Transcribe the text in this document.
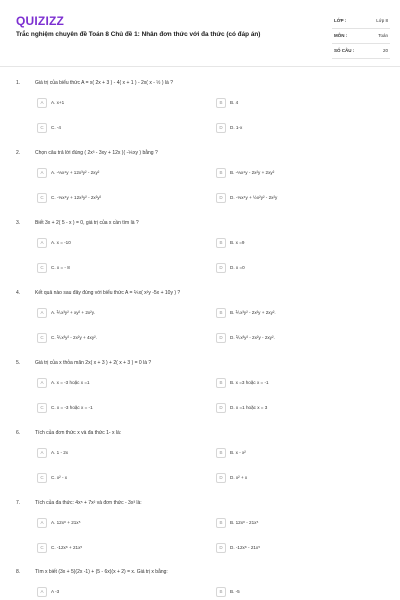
QUIZIZZ
Trắc nghiệm chuyên đề Toán 8 Chủ đề 1: Nhân đơn thức với đa thức (có đáp án)
LỚP :	Lớp 8
MÔN :	Toán
SỐ CÂU :	20
1.	Giá trị của biểu thức A = x( 2x + 3 ) - 4( x + 1 ) - 2x( x - ½ ) là ?
A	A. x+1	B	B. 4
C	C. -4	D	D. 1-x
2.	Chọn câu trả lời đúng ( 2x³ - 3xy + 12x )( -⅙xy ) bằng ?
A	A. -⅓x⁴y + 12x³y² - 2xy²	B	B. -⅓x⁴y - 2x²y + 2xy²
C	C. -⅓x⁴y + 12x³y² - 2x²y²	D	D. -⅓x⁴y + ½x²y² - 2x²y
3.	Biết 3x + 2( 5 - x ) = 0, giá trị của x cần tìm là ?
A	A. x = -10	B	B. x =9
C	C. x = - 8	D	D. x =0
4.	Kết quả nào sau đây đúng với biểu thức A = ⅖x( x²y -5x + 10y ) ?
A	A. ⅖x³y² + xy² + 2x²y.	B	B. ⅖x³y² - 2x²y + 2xy².
C	C. ⅖x³y² - 2x²y + 4xy².	D	D. ⅖x³y² - 2x²y - 2xy².
5.	Giá trị của x thỏa mãn 2x( x + 3 ) + 2( x + 3 ) = 0 là ?
A	A. x = -3 hoặc x =1	B	B. x =3 hoặc x = -1
C	C. x = -3 hoặc x = -1	D	D. x =1 hoặc x = 3
6.	Tích của đơn thức x và đa thức 1- x là:
A	A. 1 - 2x	B	B. x - x²
C	C. x² - x	D	D. x² + x
7.	Tích của đa thức: 4x⁵ + 7x² và đơn thức - 3x³ là:
A	A. 12x⁸ + 21x⁵	B	B. 12x⁸ - 21x⁵
C	C. -12x⁸ + 21x⁵	D	D. -12x⁸ - 21x⁵
8.	Tìm x biết (3x + 5)(2x -1) + (5 - 6x)(x + 2) = x. Giá trị x bằng:
A	A -3	B	B. -5
